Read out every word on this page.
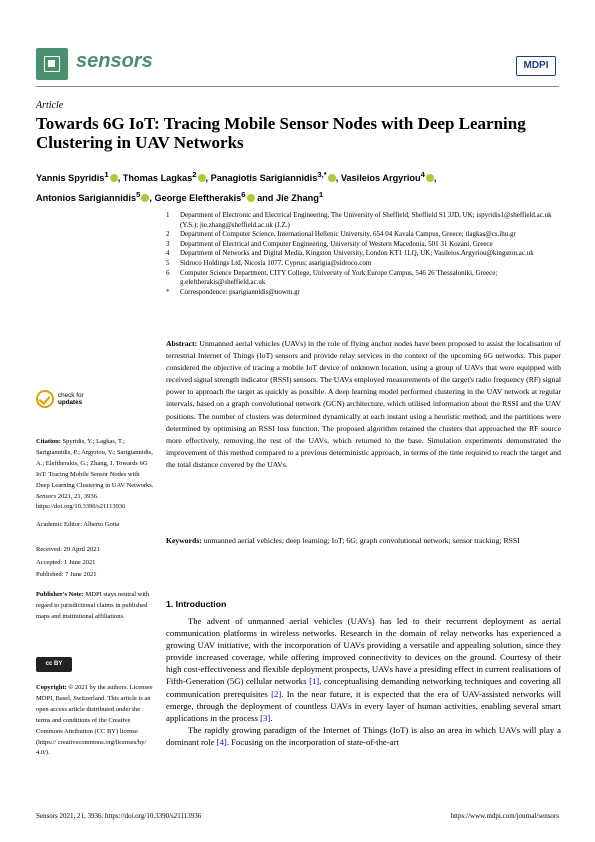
sensors	MDPI
Article
Towards 6G IoT: Tracing Mobile Sensor Nodes with Deep Learning Clustering in UAV Networks
Yannis Spyridis$^1$ , Thomas Lagkas$^2$ , Panagiotis Sarigiannidis$^{3,*}$ , Vasileios Argyriou$^4$ ,
Antonios Sarigiannidis$^5$ , George Eleftherakis$^6$ and Jie Zhang$^1$
1	Department of Electronic and Electrical Engineering, The University of Sheffield, Sheffield S1 3JD, UK; ispyridis1@sheffield.ac.uk (Y.S.); jie.zhang@sheffield.ac.uk (J.Z.)
2	Department of Computer Science, International Hellenic University, 654 04 Kavala Campus, Greece; tlagkas@cs.ihu.gr
3	Department of Electrical and Computer Engineering, University of Western Macedonia, 501 31 Kozani, Greece
4	Department of Networks and Digital Media, Kingston University, London KT1 1LQ, UK; Vasileios.Argyriou@kingston.ac.uk
5	Sidroco Holdings Ltd, Nicosia 1077, Cyprus; asarigia@sidroco.com
6	Computer Science Department, CITY College, University of York Europe Campus, 546 26 Thessaloniki, Greece; g.eleftherakis@sheffield.ac.uk
*	Correspondence: psarigiannidis@uowm.gr
Abstract: Unmanned aerial vehicles (UAVs) in the role of flying anchor nodes have been proposed to assist the localisation of terrestrial Internet of Things (IoT) sensors and provide relay services in the context of the upcoming 6G networks. This paper considered the objective of tracing a mobile IoT device of unknown location, using a group of UAVs that were equipped with received signal strength indicator (RSSI) sensors. The UAVs employed measurements of the target's radio frequency (RF) signal power to approach the target as quickly as possible. A deep learning model performed clustering in the UAV network at regular intervals, based on a graph convolutional network (GCN) architecture, which utilised information about the RSSI and the UAV positions. The number of clusters was determined dynamically at each instant using a heuristic method, and the partitions were determined by optimising an RSSI loss function. The proposed algorithm retained the clusters that approached the RF source more effectively, removing the rest of the UAVs, which returned to the base. Simulation experiments demonstrated the improvement of this method compared to a previous deterministic approach, in terms of the time required to reach the target and the total distance covered by the UAVs.
Keywords: unmanned aerial vehicles; deep learning; IoT; 6G; graph convolutional network; sensor tracking; RSSI
check for
updates
Citation: Spyridis, Y.; Lagkas, T.; Sarigiannidis, P.; Argyriou, V.; Sarigiannidis, A.; Eleftherakis, G.; Zhang, J. Towards 6G IoT: Tracing Mobile Sensor Nodes with Deep Learning Clustering in UAV Networks. Sensors 2021, 21, 3936. https://doi.org/10.3390/s21113936
Academic Editor: Alberto Gotta
Received: 29 April 2021
Accepted: 1 June 2021
Published: 7 June 2021
Publisher's Note: MDPI stays neutral with regard to jurisdictional claims in published maps and institutional affiliations.
cc BY
Copyright: © 2021 by the authors. Licensee MDPI, Basel, Switzerland. This article is an open access article distributed under the terms and conditions of the Creative Commons Attribution (CC BY) license (https:// creativecommons.org/licenses/by/ 4.0/).
1. Introduction

The advent of unmanned aerial vehicles (UAVs) has led to their recurrent deployment as aerial communication platforms in wireless networks. Research in the domain of relay networks has experienced a growing UAV initiative, with the incorporation of UAVs providing a versatile and appealing solution, since they provide increased coverage, while offering improved connectivity to devices on the ground. Courtesy of their high cost-effectiveness and flexible deployment prospects, UAVs have a presiding effect in current realisations of Fifth-Generation (5G) cellular networks [1], conceptualising demanding networking techniques and covering all communication prerequisites [2]. In the near future, it is expected that the era of UAV-assisted networks will emerge, through the deployment of countless UAVs in every layer of human activities, enabling several smart applications in the process [3].

The rapidly growing paradigm of the Internet of Things (IoT) is also an area in which UAVs will play a dominant role [4]. Focusing on the incorporation of state-of-the-art

Sensors 2021, 21, 3936. https://doi.org/10.3390/s21113936	https://www.mdpi.com/journal/sensors
